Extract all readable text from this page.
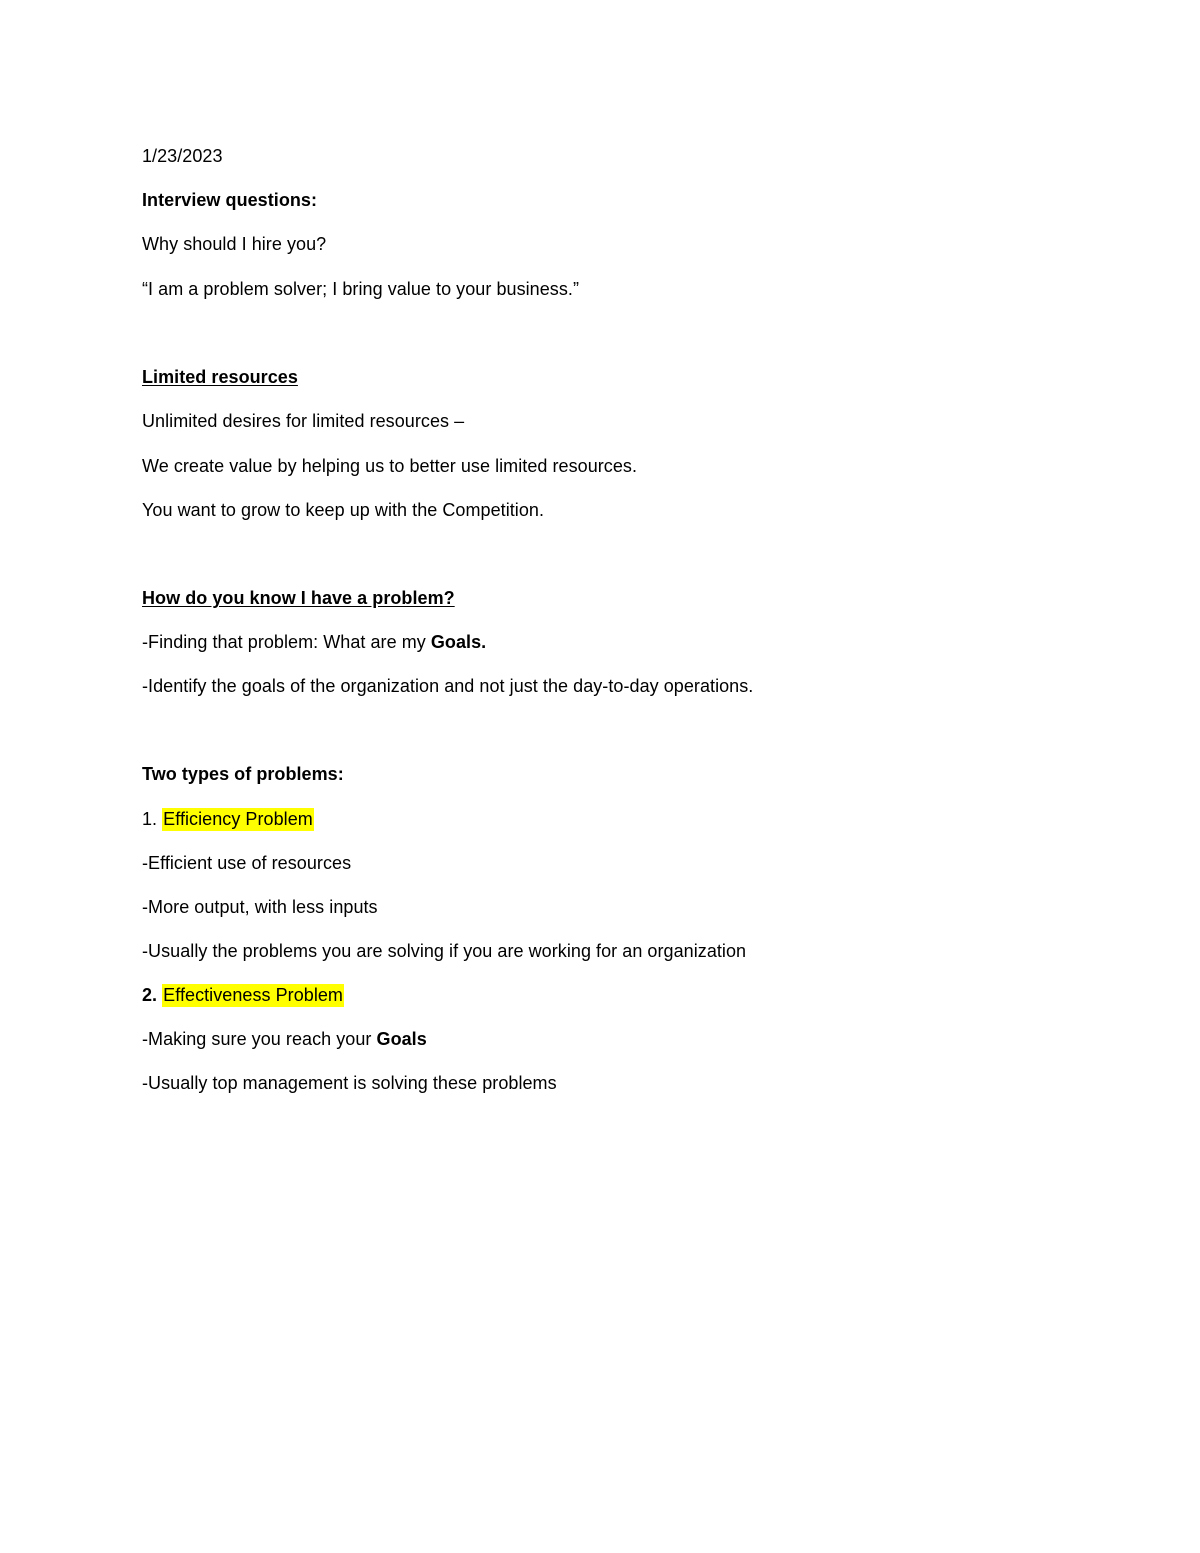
1/23/2023
Interview questions:
Why should I hire you?
“I am a problem solver; I bring value to your business.”
Limited resources
Unlimited desires for limited resources –
We create value by helping us to better use limited resources.
You want to grow to keep up with the Competition.
How do you know I have a problem?
-Finding that problem: What are my Goals.
-Identify the goals of the organization and not just the day-to-day operations.
Two types of problems:
1. Efficiency Problem
-Efficient use of resources
-More output, with less inputs
-Usually the problems you are solving if you are working for an organization
2. Effectiveness Problem
-Making sure you reach your Goals
-Usually top management is solving these problems
